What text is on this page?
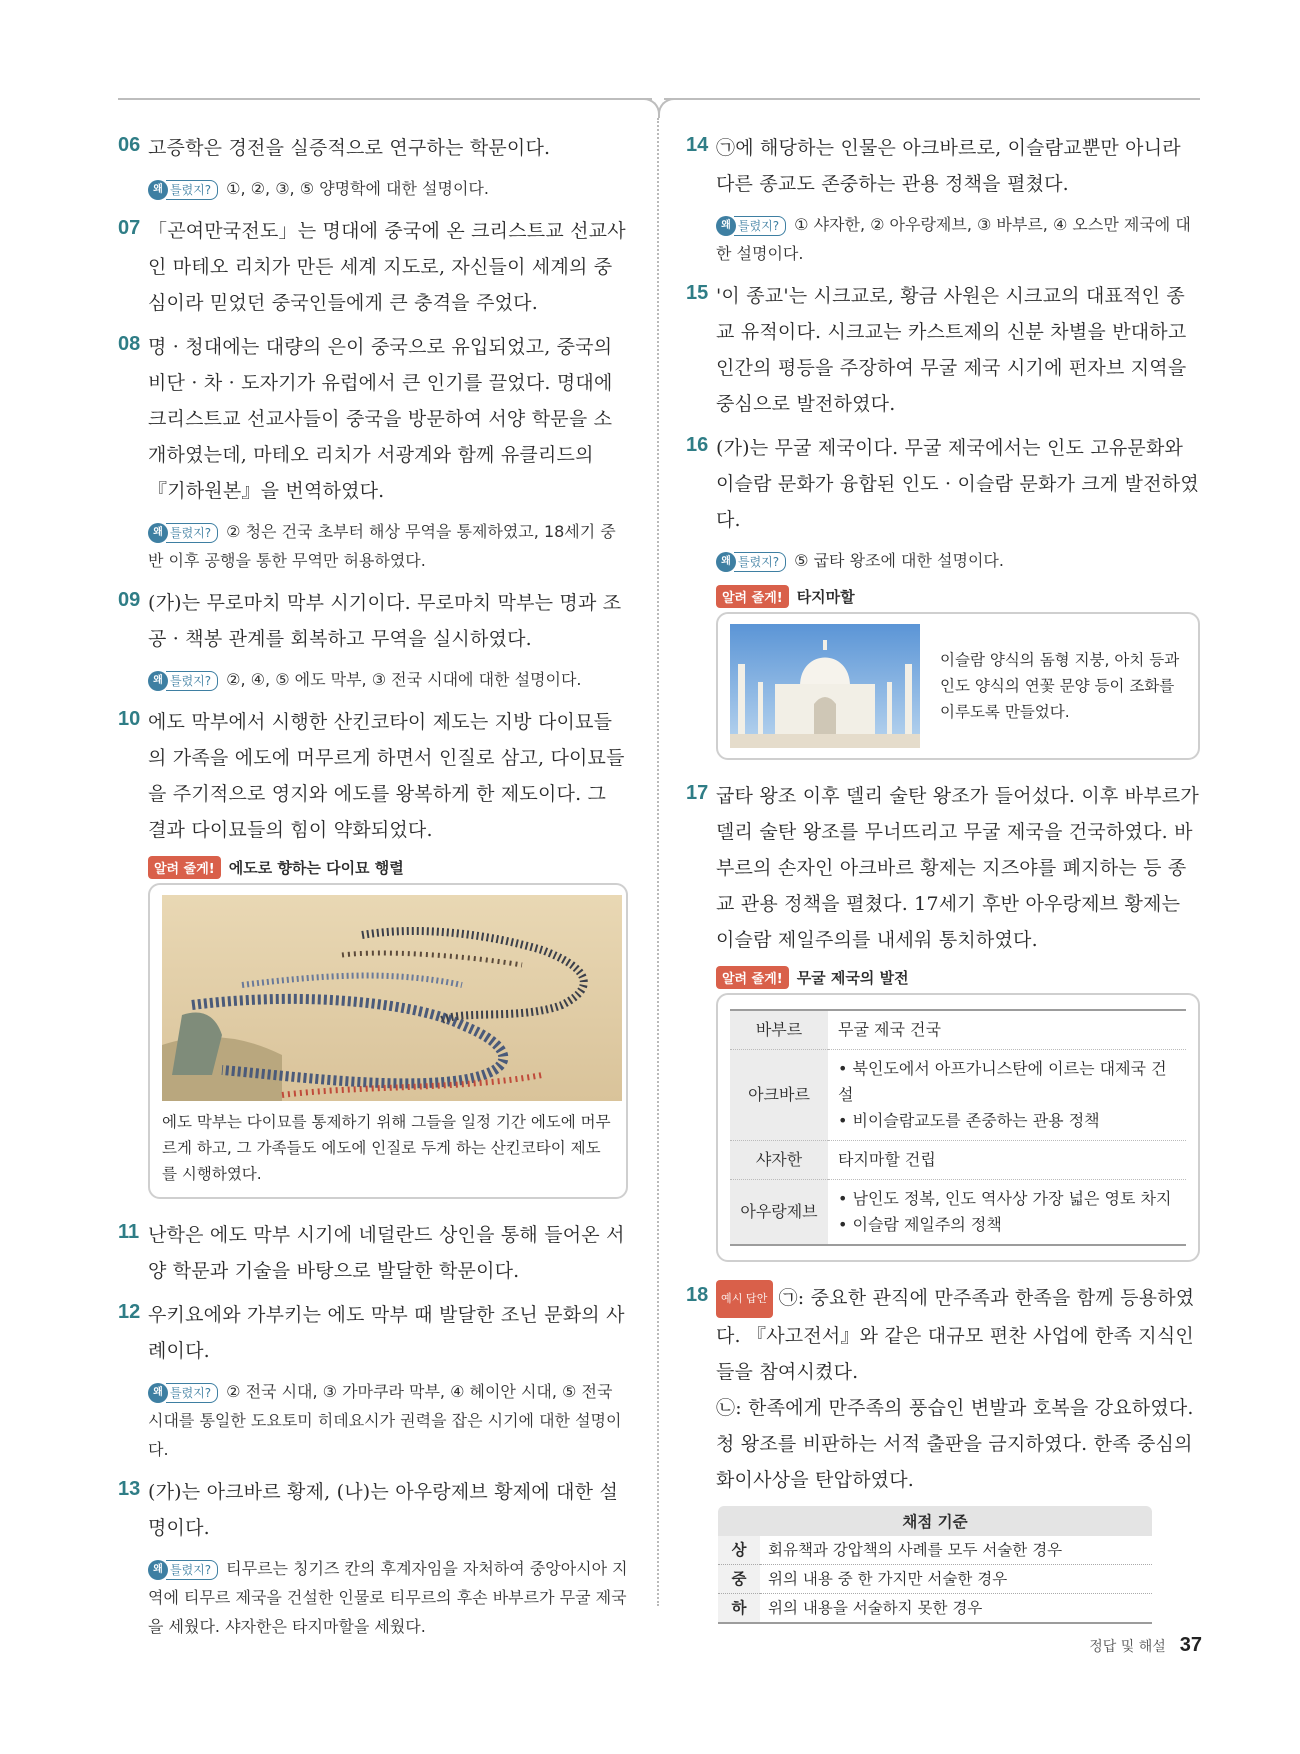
06 고증학은 경전을 실증적으로 연구하는 학문이다.
왜 틀렸지? ①, ②, ③, ⑤ 양명학에 대한 설명이다.
07 「곤여만국전도」는 명대에 중국에 온 크리스트교 선교사인 마테오 리치가 만든 세계 지도로, 자신들이 세계의 중심이라 믿었던 중국인들에게 큰 충격을 주었다.
08 명 · 청대에는 대량의 은이 중국으로 유입되었고, 중국의 비단 · 차 · 도자기가 유럽에서 큰 인기를 끌었다. 명대에 크리스트교 선교사들이 중국을 방문하여 서양 학문을 소개하였는데, 마테오 리치가 서광계와 함께 유클리드의 『기하원본』을 번역하였다.
왜 틀렸지? ② 청은 건국 초부터 해상 무역을 통제하였고, 18세기 중반 이후 공행을 통한 무역만 허용하였다.
09 (가)는 무로마치 막부 시기이다. 무로마치 막부는 명과 조공 · 책봉 관계를 회복하고 무역을 실시하였다.
왜 틀렸지? ②, ④, ⑤ 에도 막부, ③ 전국 시대에 대한 설명이다.
10 에도 막부에서 시행한 산킨코타이 제도는 지방 다이묘들의 가족을 에도에 머무르게 하면서 인질로 삼고, 다이묘들을 주기적으로 영지와 에도를 왕복하게 한 제도이다. 그 결과 다이묘들의 힘이 약화되었다.
알려 줄게! 에도로 향하는 다이묘 행렬
에도 막부는 다이묘를 통제하기 위해 그들을 일정 기간 에도에 머무르게 하고, 그 가족들도 에도에 인질로 두게 하는 산킨코타이 제도를 시행하였다.
11 난학은 에도 막부 시기에 네덜란드 상인을 통해 들어온 서양 학문과 기술을 바탕으로 발달한 학문이다.
12 우키요에와 가부키는 에도 막부 때 발달한 조닌 문화의 사례이다.
왜 틀렸지? ② 전국 시대, ③ 가마쿠라 막부, ④ 헤이안 시대, ⑤ 전국 시대를 통일한 도요토미 히데요시가 권력을 잡은 시기에 대한 설명이다.
13 (가)는 아크바르 황제, (나)는 아우랑제브 황제에 대한 설명이다.
왜 틀렸지? 티무르는 칭기즈 칸의 후계자임을 자처하여 중앙아시아 지역에 티무르 제국을 건설한 인물로 티무르의 후손 바부르가 무굴 제국을 세웠다. 샤자한은 타지마할을 세웠다.
14 ㉠에 해당하는 인물은 아크바르로, 이슬람교뿐만 아니라 다른 종교도 존중하는 관용 정책을 펼쳤다.
왜 틀렸지? ① 샤자한, ② 아우랑제브, ③ 바부르, ④ 오스만 제국에 대한 설명이다.
15 '이 종교'는 시크교로, 황금 사원은 시크교의 대표적인 종교 유적이다. 시크교는 카스트제의 신분 차별을 반대하고 인간의 평등을 주장하여 무굴 제국 시기에 펀자브 지역을 중심으로 발전하였다.
16 (가)는 무굴 제국이다. 무굴 제국에서는 인도 고유문화와 이슬람 문화가 융합된 인도 · 이슬람 문화가 크게 발전하였다.
왜 틀렸지? ⑤ 굽타 왕조에 대한 설명이다.
알려 줄게! 타지마할
이슬람 양식의 돔형 지붕, 아치 등과 인도 양식의 연꽃 문양 등이 조화를 이루도록 만들었다.
17 굽타 왕조 이후 델리 술탄 왕조가 들어섰다. 이후 바부르가 델리 술탄 왕조를 무너뜨리고 무굴 제국을 건국하였다. 바부르의 손자인 아크바르 황제는 지즈야를 폐지하는 등 종교 관용 정책을 펼쳤다. 17세기 후반 아우랑제브 황제는 이슬람 제일주의를 내세워 통치하였다.
알려 줄게! 무굴 제국의 발전
바부르	무굴 제국 건국

아크바르	• 북인도에서 아프가니스탄에 이르는 대제국 건설
• 비이슬람교도를 존중하는 관용 정책

샤자한	타지마할 건립

아우랑제브	• 남인도 정복, 인도 역사상 가장 넓은 영토 차지
• 이슬람 제일주의 정책
18	예시 답안 ㉠: 중요한 관직에 만주족과 한족을 함께 등용하였다. 『사고전서』와 같은 대규모 편찬 사업에 한족 지식인들을 참여시켰다.
㉡: 한족에게 만주족의 풍습인 변발과 호복을 강요하였다. 청 왕조를 비판하는 서적 출판을 금지하였다. 한족 중심의 화이사상을 탄압하였다.
채점 기준	
상	회유책과 강압책의 사례를 모두 서술한 경우
중	위의 내용 중 한 가지만 서술한 경우
하	위의 내용을 서술하지 못한 경우
정답 및 해설 37
